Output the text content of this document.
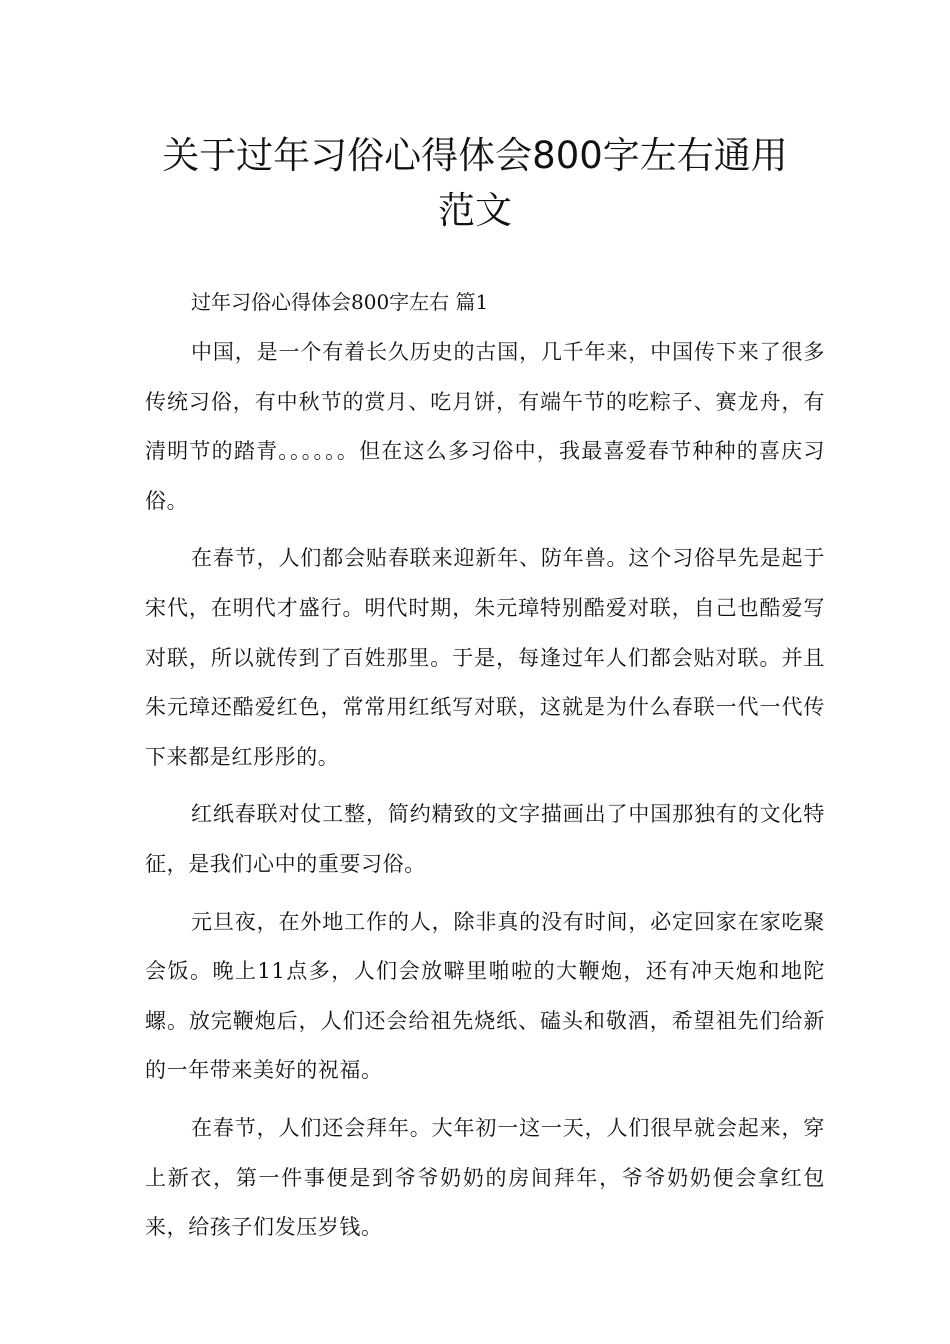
关于过年习俗心得体会800字左右通用
范文

过年习俗心得体会800字左右 篇1

中国，是一个有着长久历史的古国，几千年来，中国传下来了很多传统习俗，有中秋节的赏月、吃月饼，有端午节的吃粽子、赛龙舟，有清明节的踏青。。。。。。但在这么多习俗中，我最喜爱春节种种的喜庆习俗。

在春节，人们都会贴春联来迎新年、防年兽。这个习俗早先是起于宋代，在明代才盛行。明代时期，朱元璋特别酷爱对联，自己也酷爱写对联，所以就传到了百姓那里。于是，每逢过年人们都会贴对联。并且朱元璋还酷爱红色，常常用红纸写对联，这就是为什么春联一代一代传下来都是红彤彤的。

红纸春联对仗工整，简约精致的文字描画出了中国那独有的文化特征，是我们心中的重要习俗。

元旦夜，在外地工作的人，除非真的没有时间，必定回家在家吃聚会饭。晚上11点多，人们会放噼里啪啦的大鞭炮，还有冲天炮和地陀螺。放完鞭炮后，人们还会给祖先烧纸、磕头和敬酒，希望祖先们给新的一年带来美好的祝福。

在春节，人们还会拜年。大年初一这一天，人们很早就会起来，穿上新衣，第一件事便是到爷爷奶奶的房间拜年，爷爷奶奶便会拿红包来，给孩子们发压岁钱。
